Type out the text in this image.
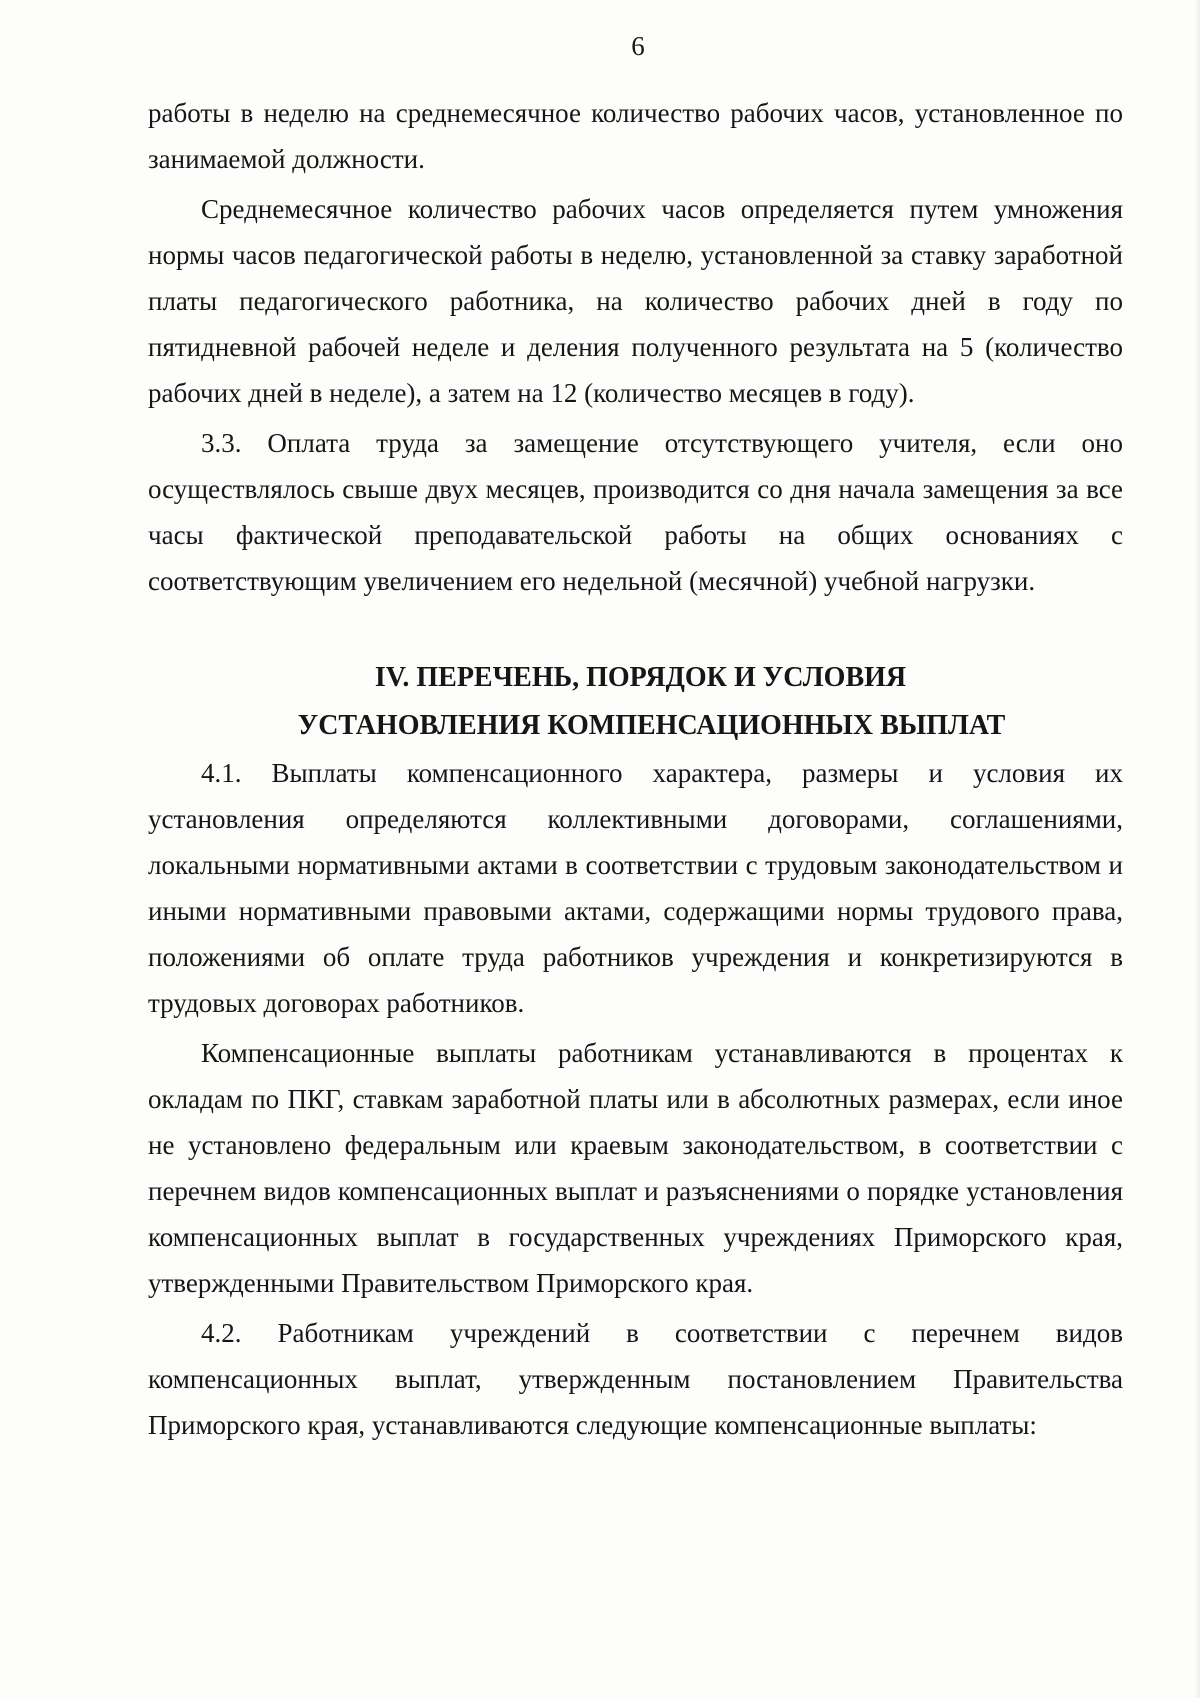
6

работы в неделю на среднемесячное количество рабочих часов, установленное по занимаемой должности.

Среднемесячное количество рабочих часов определяется путем умножения нормы часов педагогической работы в неделю, установленной за ставку заработной платы педагогического работника, на количество рабочих дней в году по пятидневной рабочей неделе и деления полученного результата на 5 (количество рабочих дней в неделе), а затем на 12 (количество месяцев в году).

3.3. Оплата труда за замещение отсутствующего учителя, если оно осуществлялось свыше двух месяцев, производится со дня начала замещения за все часы фактической преподавательской работы на общих основаниях с соответствующим увеличением его недельной (месячной) учебной нагрузки.

IV. ПЕРЕЧЕНЬ, ПОРЯДОК И УСЛОВИЯ
УСТАНОВЛЕНИЯ КОМПЕНСАЦИОННЫХ ВЫПЛАТ

4.1. Выплаты компенсационного характера, размеры и условия их установления определяются коллективными договорами, соглашениями, локальными нормативными актами в соответствии с трудовым законодательством и иными нормативными правовыми актами, содержащими нормы трудового права, положениями об оплате труда работников учреждения и конкретизируются в трудовых договорах работников.

Компенсационные выплаты работникам устанавливаются в процентах к окладам по ПКГ, ставкам заработной платы или в абсолютных размерах, если иное не установлено федеральным или краевым законодательством, в соответствии с перечнем видов компенсационных выплат и разъяснениями о порядке установления компенсационных выплат в государственных учреждениях Приморского края, утвержденными Правительством Приморского края.

4.2. Работникам учреждений в соответствии с перечнем видов компенсационных выплат, утвержденным постановлением Правительства Приморского края, устанавливаются следующие компенсационные выплаты:
